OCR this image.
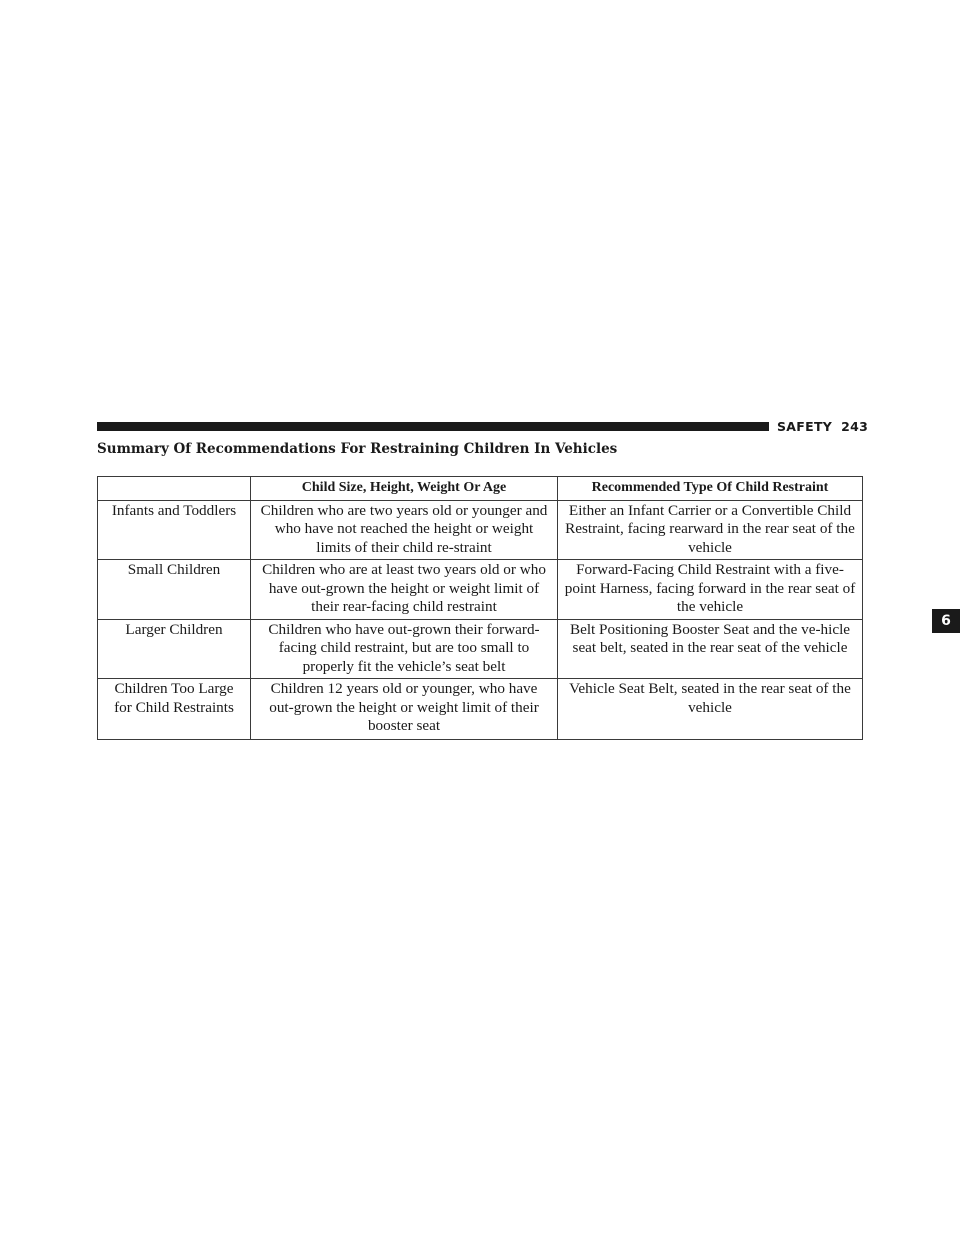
SAFETY 243
6
Summary Of Recommendations For Restraining Children In Vehicles
	Child Size, Height, Weight Or Age	Recommended Type Of Child Restraint
Infants and Toddlers	Children who are two years old or younger and who have not reached the height or weight limits of their child re-straint	Either an Infant Carrier or a Convertible Child Restraint, facing rearward in the rear seat of the vehicle
Small Children	Children who are at least two years old or who have out-grown the height or weight limit of their rear-facing child restraint	Forward-Facing Child Restraint with a five-point Harness, facing forward in the rear seat of the vehicle
Larger Children	Children who have out-grown their forward-facing child restraint, but are too small to properly fit the vehicle’s seat belt	Belt Positioning Booster Seat and the ve-hicle seat belt, seated in the rear seat of the vehicle
Children Too Large for Child Restraints	Children 12 years old or younger, who have out-grown the height or weight limit of their booster seat	Vehicle Seat Belt, seated in the rear seat of the vehicle
